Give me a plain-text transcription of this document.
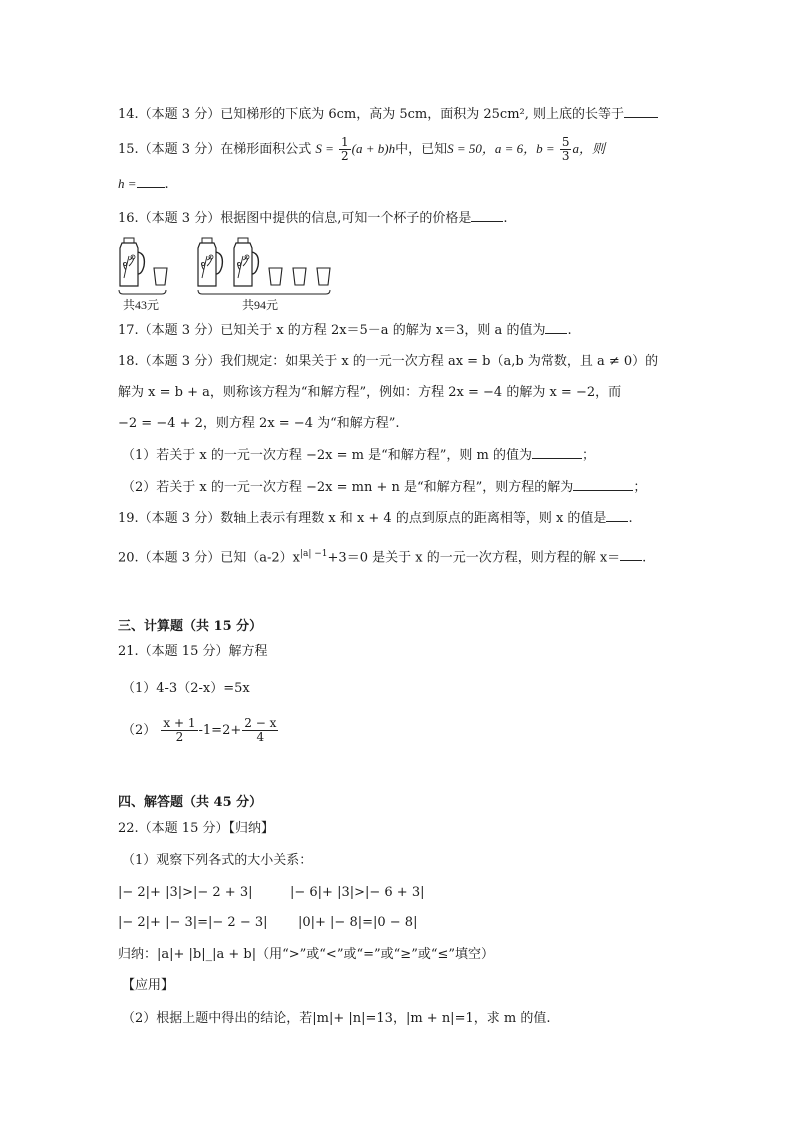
14.（本题 3 分）已知梯形的下底为 6cm，高为 5cm，面积为 25cm², 则上底的长等于
15.（本题 3 分）在梯形面积公式 $S = \frac{1}{2} (a + b)h$中，已知S = 50，a = 6，$b = \frac{5}{3}$ a，则
h = .
16.（本题 3 分）根据图中提供的信息,可知一个杯子的价格是 .
共43元	共94元
17.（本题 3 分）已知关于 x 的方程 2x＝5－a 的解为 x＝3，则 a 的值为 .
18.（本题 3 分）我们规定：如果关于 x 的一元一次方程 ax = b（a,b 为常数，且 a ≠ 0）的
解为 x = b + a，则称该方程为“和解方程”，例如：方程 2x = −4 的解为 x = −2，而
−2 = −4 + 2，则方程 2x = −4 为“和解方程”.
（1）若关于 x 的一元一次方程 −2x = m 是“和解方程”，则 m 的值为	；
（2）若关于 x 的一元一次方程 −2x = mn + n 是“和解方程”，则方程的解为	；
19.（本题 3 分）数轴上表示有理数 x 和 x + 4 的点到原点的距离相等，则 x 的值是 .
20.（本题 3 分）已知$(a-2)x^{|a| -1}+3=0$ 是关于 x 的一元一次方程，则方程的解 x＝ .
三、计算题（共 15 分）
21.（本题 15 分）解方程
（1）4-3（2-x）=5x
$(2) \frac{x + 1}{2} -1=2+ \frac{2 - x}{4}$
四、解答题（共 45 分）
22.（本题 15 分）【归纳】
（1）观察下列各式的大小关系：
|− 2|+ |3|>|− 2 + 3|	|− 6|+ |3|>|− 6 + 3|
|− 2|+ |− 3|=|− 2 − 3| |0|+ |− 8|=|0 − 8|
归纳：|a|+ |b|_|a + b|（用“>”或“<”或“=”或“≥”或“≤”填空）
【应用】
（2）根据上题中得出的结论，若|m|+ |n|=13，|m + n|=1，求 m 的值.
